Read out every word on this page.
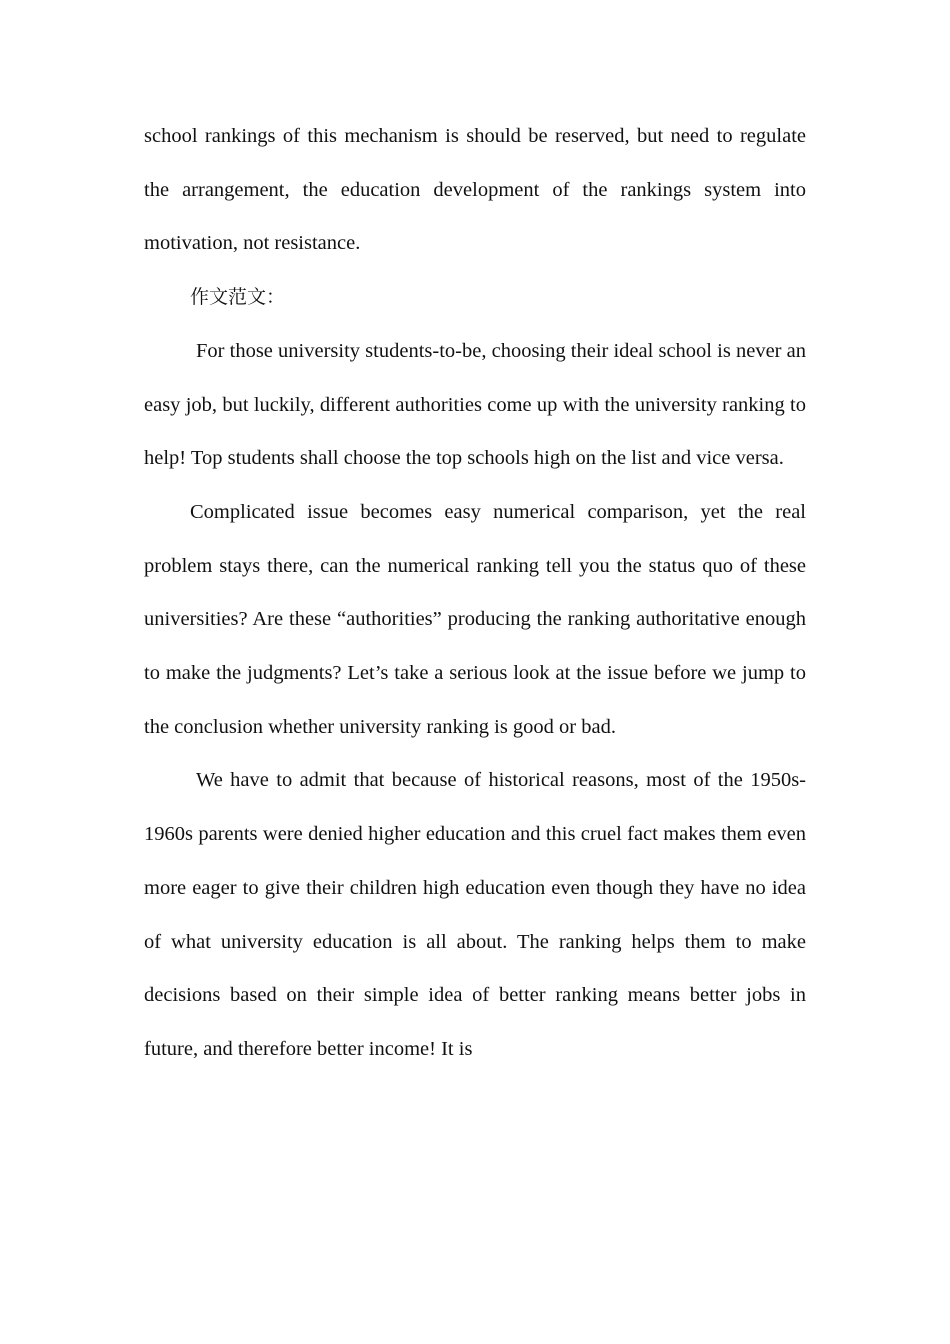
school rankings of this mechanism is should be reserved, but need to regulate the arrangement, the education development of the rankings system into motivation, not resistance.

作文范文：

For those university students-to-be, choosing their ideal school is never an easy job, but luckily, different authorities come up with the university ranking to help! Top students shall choose the top schools high on the list and vice versa.

Complicated issue becomes easy numerical comparison, yet the real problem stays there, can the numerical ranking tell you the status quo of these universities? Are these “authorities” producing the ranking authoritative enough to make the judgments? Let’s take a serious look at the issue before we jump to the conclusion whether university ranking is good or bad.

We have to admit that because of historical reasons, most of the 1950s-1960s parents were denied higher education and this cruel fact makes them even more eager to give their children high education even though they have no idea of what university education is all about. The ranking helps them to make decisions based on their simple idea of better ranking means better jobs in future, and therefore better income! It is
